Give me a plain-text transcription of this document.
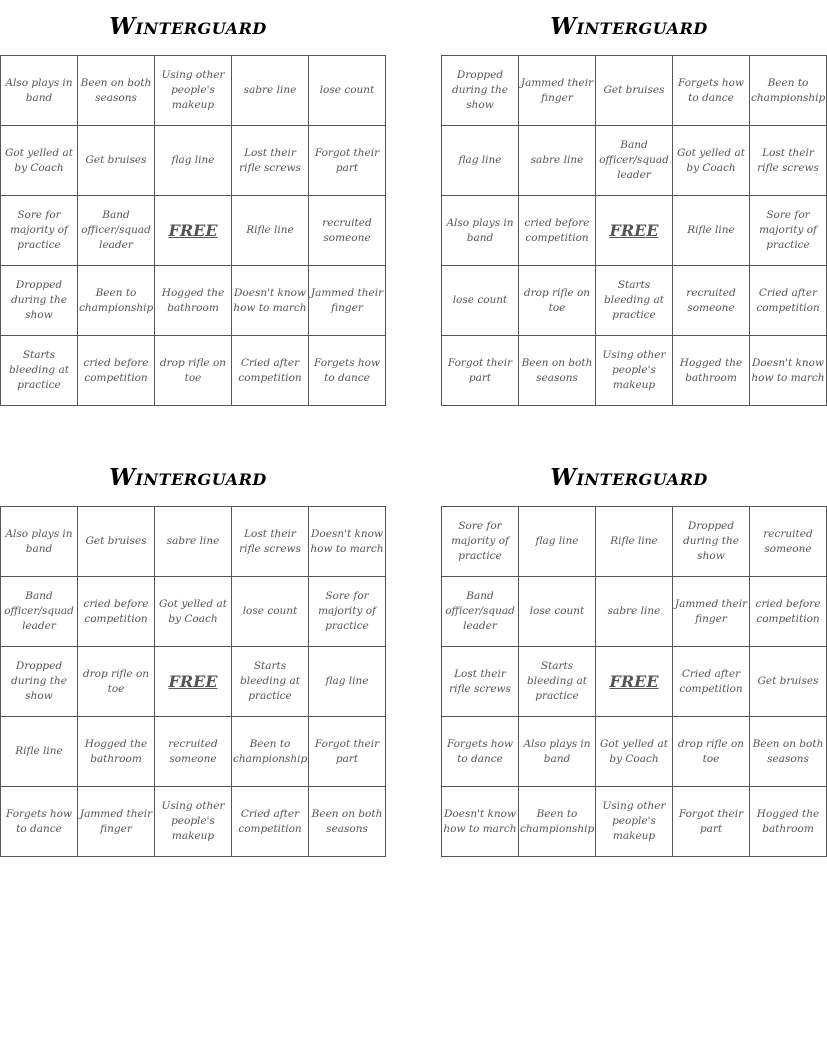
Winterguard
Also plays in band	Been on both seasons	Using other people's makeup	sabre line	lose count
Got yelled at by Coach	Get bruises	flag line	Lost their rifle screws	Forgot their part
Sore for majority of practice	Band officer/squad leader	FREE	Rifle line	recruited someone
Dropped during the show	Been to championship	Hogged the bathroom	Doesn't know how to march	Jammed their finger
Starts bleeding at practice	cried before competition	drop rifle on toe	Cried after competition	Forgets how to dance
Winterguard
Dropped during the show	Jammed their finger	Get bruises	Forgets how to dance	Been to championship
flag line	sabre line	Band officer/squad leader	Got yelled at by Coach	Lost their rifle screws
Also plays in band	cried before competition	FREE	Rifle line	Sore for majority of practice
lose count	drop rifle on toe	Starts bleeding at practice	recruited someone	Cried after competition
Forgot their part	Been on both seasons	Using other people's makeup	Hogged the bathroom	Doesn't know how to march
Winterguard
Also plays in band	Get bruises	sabre line	Lost their rifle screws	Doesn't know how to march
Band officer/squad leader	cried before competition	Got yelled at by Coach	lose count	Sore for majority of practice
Dropped during the show	drop rifle on toe	FREE	Starts bleeding at practice	flag line
Rifle line	Hogged the bathroom	recruited someone	Been to championship	Forgot their part
Forgets how to dance	Jammed their finger	Using other people's makeup	Cried after competition	Been on both seasons
Winterguard
Sore for majority of practice	flag line	Rifle line	Dropped during the show	recruited someone
Band officer/squad leader	lose count	sabre line	Jammed their finger	cried before competition
Lost their rifle screws	Starts bleeding at practice	FREE	Cried after competition	Get bruises
Forgets how to dance	Also plays in band	Got yelled at by Coach	drop rifle on toe	Been on both seasons
Doesn't know how to march	Been to championship	Using other people's makeup	Forgot their part	Hogged the bathroom
